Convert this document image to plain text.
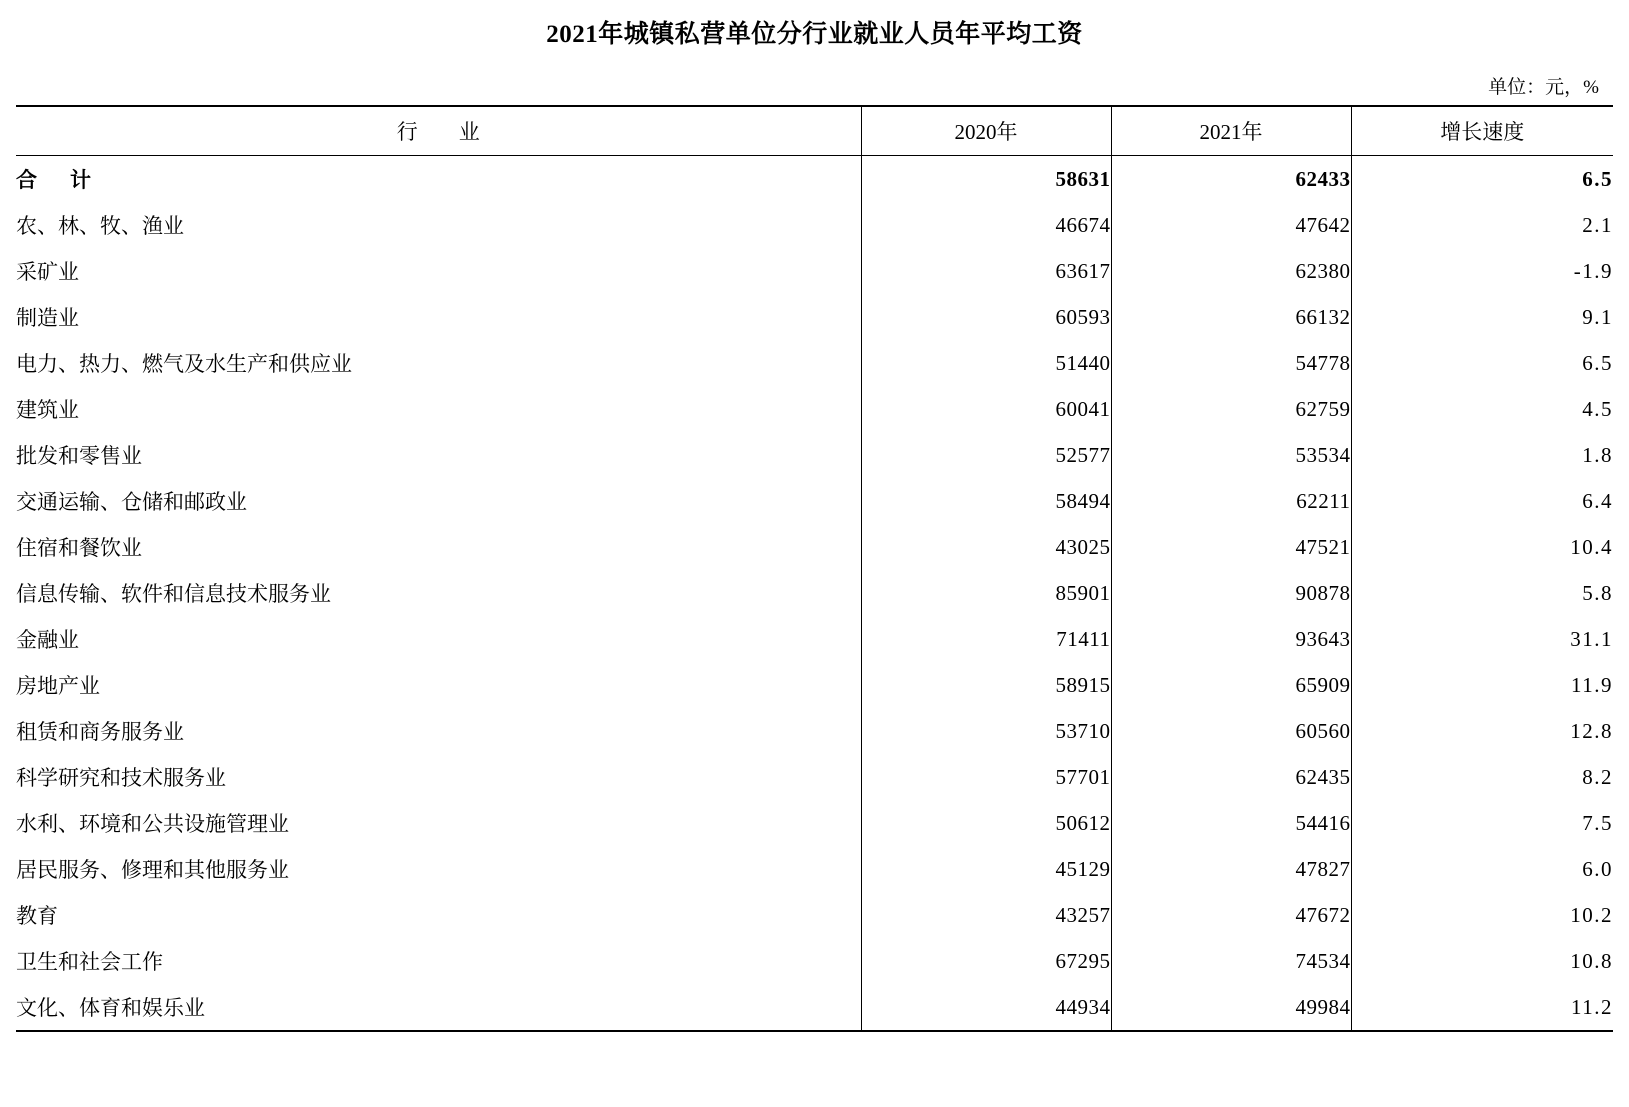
2021年城镇私营单位分行业就业人员年平均工资
单位：元，%
行　业	2020年	2021年	增长速度
合　计	58631	62433	6.5
农、林、牧、渔业	46674	47642	2.1
采矿业	63617	62380	-1.9
制造业	60593	66132	9.1
电力、热力、燃气及水生产和供应业	51440	54778	6.5
建筑业	60041	62759	4.5
批发和零售业	52577	53534	1.8
交通运输、仓储和邮政业	58494	62211	6.4
住宿和餐饮业	43025	47521	10.4
信息传输、软件和信息技术服务业	85901	90878	5.8
金融业	71411	93643	31.1
房地产业	58915	65909	11.9
租赁和商务服务业	53710	60560	12.8
科学研究和技术服务业	57701	62435	8.2
水利、环境和公共设施管理业	50612	54416	7.5
居民服务、修理和其他服务业	45129	47827	6.0
教育	43257	47672	10.2
卫生和社会工作	67295	74534	10.8
文化、体育和娱乐业	44934	49984	11.2
